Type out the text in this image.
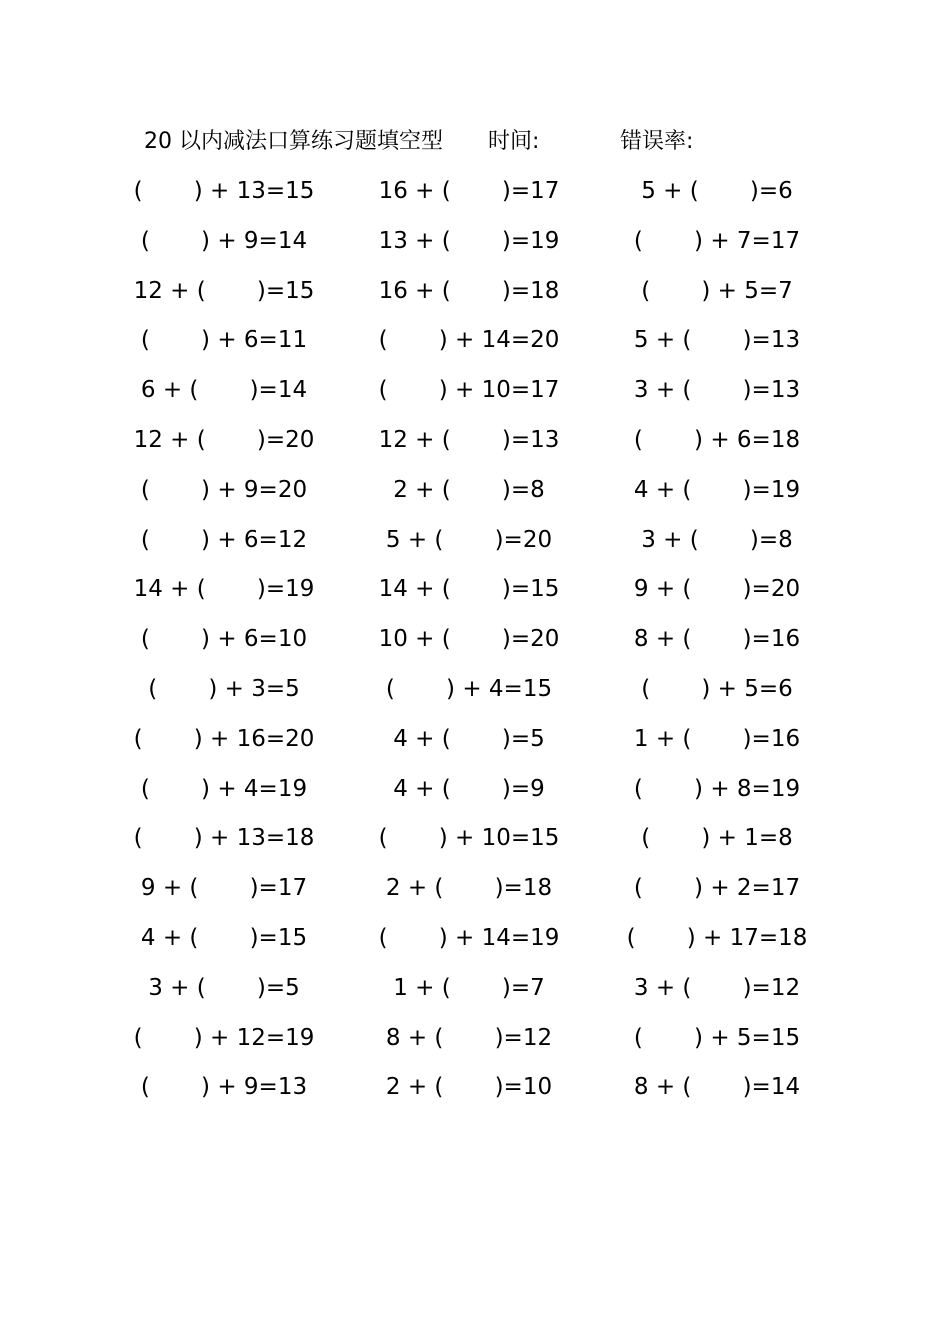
20 以内减法口算练习题填空型 时间:	错误率:
(       ) + 13=15	16 + (       )=17	5 + (       )=6
(       ) + 9=14	13 + (       )=19	(       ) + 7=17
12 + (       )=15	16 + (       )=18	(       ) + 5=7
(       ) + 6=11	(       ) + 14=20	5 + (       )=13
6 + (       )=14	(       ) + 10=17	3 + (       )=13
12 + (       )=20	12 + (       )=13	(       ) + 6=18
(       ) + 9=20	2 + (       )=8	4 + (       )=19
(       ) + 6=12	5 + (       )=20	3 + (       )=8
14 + (       )=19	14 + (       )=15	9 + (       )=20
(       ) + 6=10	10 + (       )=20	8 + (       )=16
(       ) + 3=5	(       ) + 4=15	(       ) + 5=6
(       ) + 16=20	4 + (       )=5	1 + (       )=16
(       ) + 4=19	4 + (       )=9	(       ) + 8=19
(       ) + 13=18	(       ) + 10=15	(       ) + 1=8
9 + (       )=17	2 + (       )=18	(       ) + 2=17
4 + (       )=15	(       ) + 14=19	(       ) + 17=18
3 + (       )=5	1 + (       )=7	3 + (       )=12
(       ) + 12=19	8 + (       )=12	(       ) + 5=15
(       ) + 9=13	2 + (       )=10	8 + (       )=14
